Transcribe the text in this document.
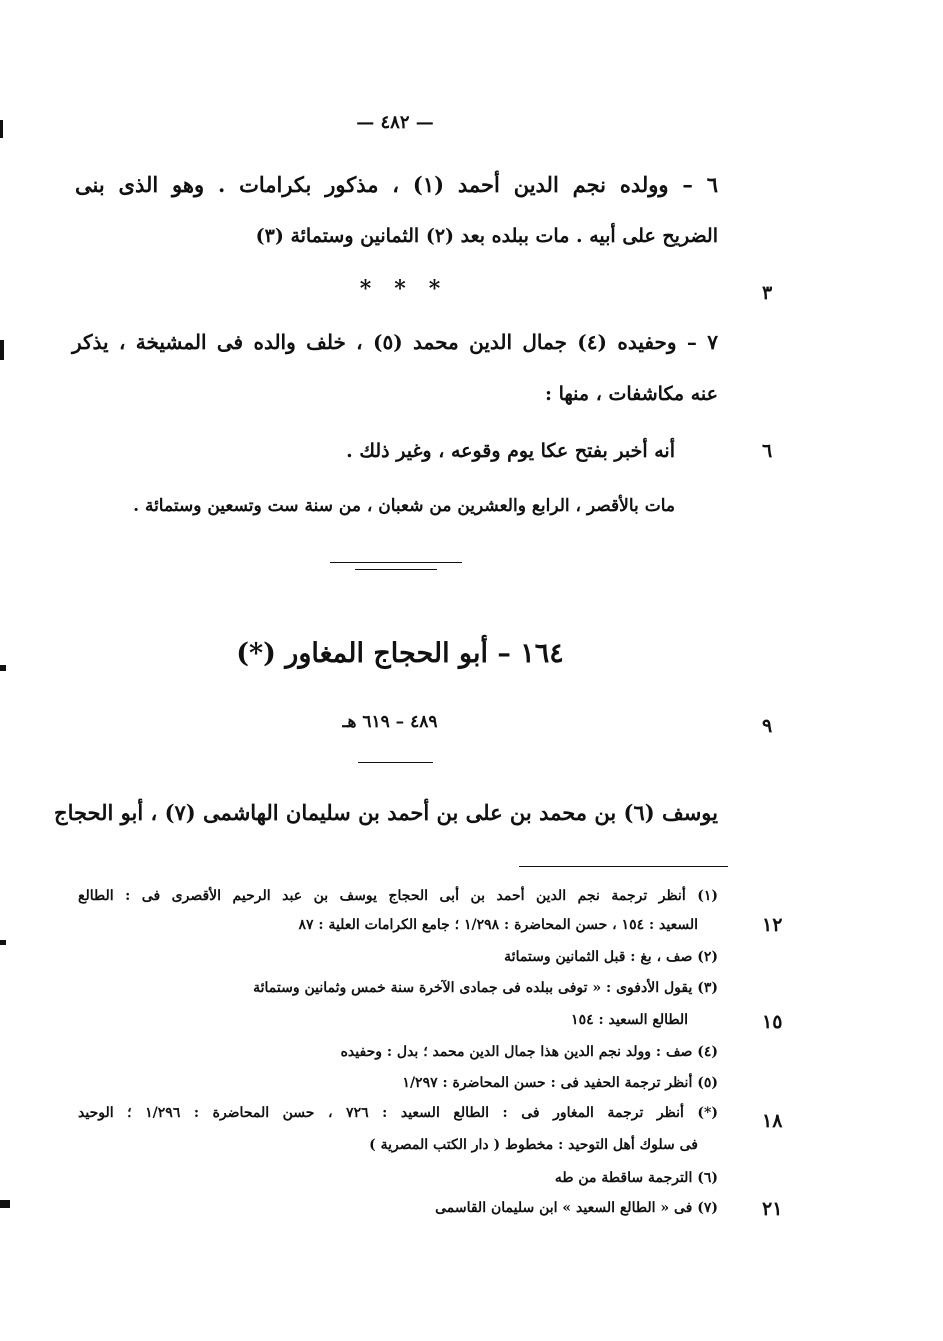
— ٤٨٢ —
٦ – وولده نجم الدين أحمد (١) ، مذكور بكرامات . وهو الذى بنى
الضريح على أبيه . مات ببلده بعد (٢) الثمانين وستمائة (٣)
*   *   *
٧ – وحفيده (٤) جمال الدين محمد (٥) ، خلف والده فى المشيخة ، يذكر
عنه مكاشفات ، منها :
أنه أخبر بفتح عكا يوم وقوعه ، وغير ذلك .
مات بالأقصر ، الرابع والعشرين من شعبان ، من سنة ست وتسعين وستمائة .
١٦٤ – أبو الحجاج المغاور (*)
٤٨٩ – ٦١٩ هـ
يوسف (٦) بن محمد بن على بن أحمد بن سليمان الهاشمى (٧) ، أبو الحجاج
(١) أنظر ترجمة نجم الدين أحمد بن أبى الحجاج يوسف بن عبد الرحيم الأقصرى فى : الطالع
السعيد : ١٥٤ ، حسن المحاضرة : ١/٢٩٨ ؛ جامع الكرامات العلية : ٨٧
(٢) صف ، بغ : قبل الثمانين وستمائة
(٣) يقول الأدفوى : « توفى ببلده فى جمادى الآخرة سنة خمس وثمانين وستمائة
الطالع السعيد : ١٥٤
(٤) صف : وولد نجم الدين هذا جمال الدين محمد ؛ بدل : وحفيده
(٥) أنظر ترجمة الحفيد فى : حسن المحاضرة : ١/٢٩٧
(*) أنظر ترجمة المغاور فى : الطالع السعيد : ٧٢٦ ، حسن المحاضرة : ١/٢٩٦ ؛ الوحيد
فى سلوك أهل التوحيد : مخطوط ( دار الكتب المصرية )
(٦) الترجمة ساقطة من طه
(٧) فى « الطالع السعيد » ابن سليمان القاسمى
٣
٦
٩
١٢
١٥
١٨
٢١
